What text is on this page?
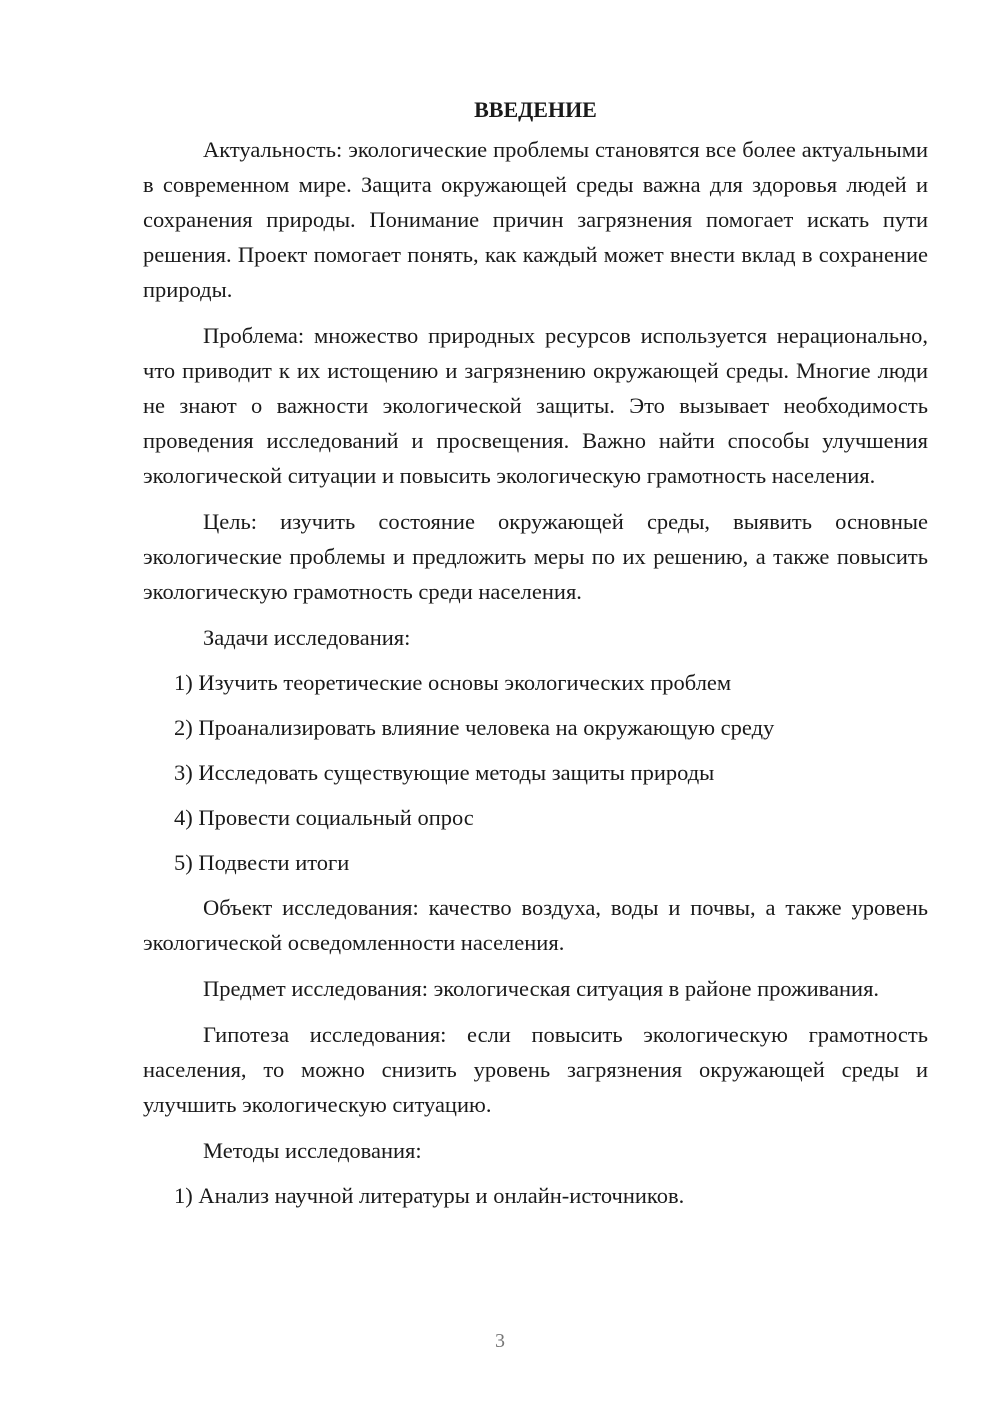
ВВЕДЕНИЕ

Актуальность: экологические проблемы становятся все более актуальными в современном мире. Защита окружающей среды важна для здоровья людей и сохранения природы. Понимание причин загрязнения помогает искать пути решения. Проект помогает понять, как каждый может внести вклад в сохранение природы.

Проблема: множество природных ресурсов используется нерационально, что приводит к их истощению и загрязнению окружающей среды. Многие люди не знают о важности экологической защиты. Это вызывает необходимость проведения исследований и просвещения. Важно найти способы улучшения экологической ситуации и повысить экологическую грамотность населения.

Цель: изучить состояние окружающей среды, выявить основные экологические проблемы и предложить меры по их решению, а также повысить экологическую грамотность среди населения.

Задачи исследования:
1) Изучить теоретические основы экологических проблем
2) Проанализировать влияние человека на окружающую среду
3) Исследовать существующие методы защиты природы
4) Провести социальный опрос
5) Подвести итоги

Объект исследования: качество воздуха, воды и почвы, а также уровень экологической осведомленности населения.

Предмет исследования: экологическая ситуация в районе проживания.

Гипотеза исследования: если повысить экологическую грамотность населения, то можно снизить уровень загрязнения окружающей среды и улучшить экологическую ситуацию.

Методы исследования:
1) Анализ научной литературы и онлайн-источников.
3
